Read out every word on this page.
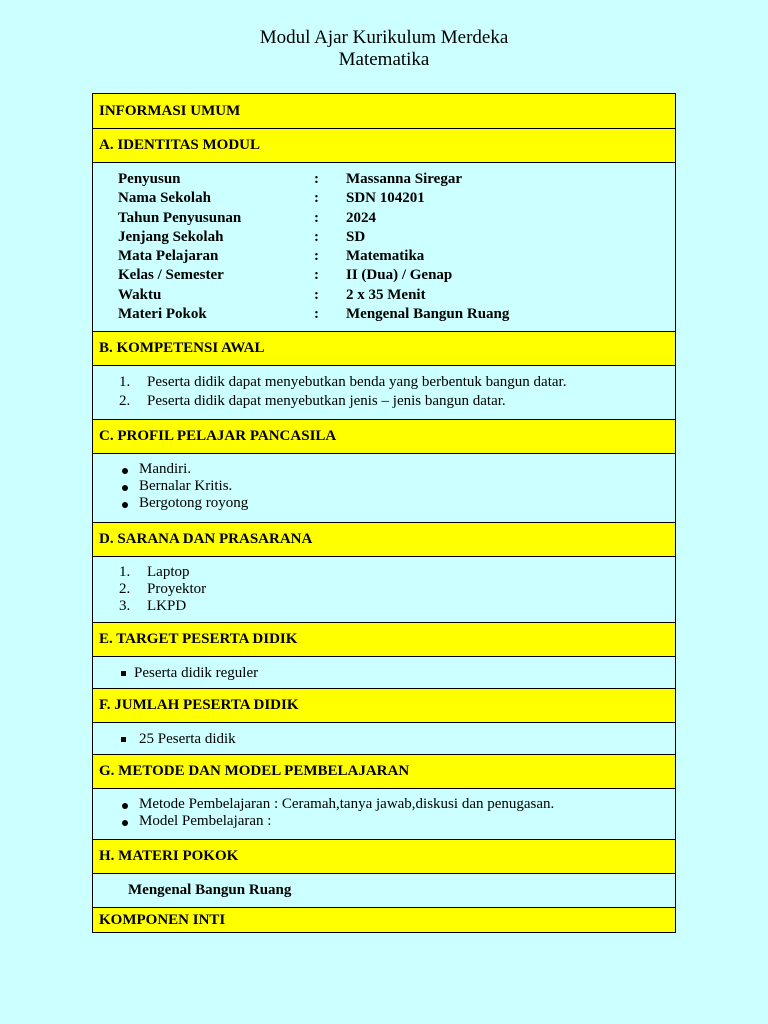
Modul Ajar Kurikulum Merdeka
Matematika
INFORMASI UMUM
A. IDENTITAS MODUL
Penyusun	:	Massanna Siregar
Nama Sekolah	:	SDN 104201
Tahun Penyusunan	:	2024
Jenjang Sekolah	:	SD
Mata Pelajaran	:	Matematika
Kelas / Semester	:	II (Dua) / Genap
Waktu	:	2 x 35 Menit
Materi Pokok	:	Mengenal Bangun Ruang
B. KOMPETENSI AWAL
1.	Peserta didik dapat menyebutkan benda yang berbentuk bangun datar.
2.	Peserta didik dapat menyebutkan jenis – jenis bangun datar.
C. PROFIL PELAJAR PANCASILA
Mandiri.
Bernalar Kritis.
Bergotong royong
D. SARANA DAN PRASARANA
1.	Laptop
2.	Proyektor
3.	LKPD
E. TARGET PESERTA DIDIK
Peserta didik reguler
F. JUMLAH PESERTA DIDIK
25 Peserta didik
G. METODE DAN MODEL PEMBELAJARAN
Metode Pembelajaran : Ceramah,tanya jawab,diskusi dan penugasan.
Model Pembelajaran :
H. MATERI POKOK
Mengenal Bangun Ruang
KOMPONEN INTI
